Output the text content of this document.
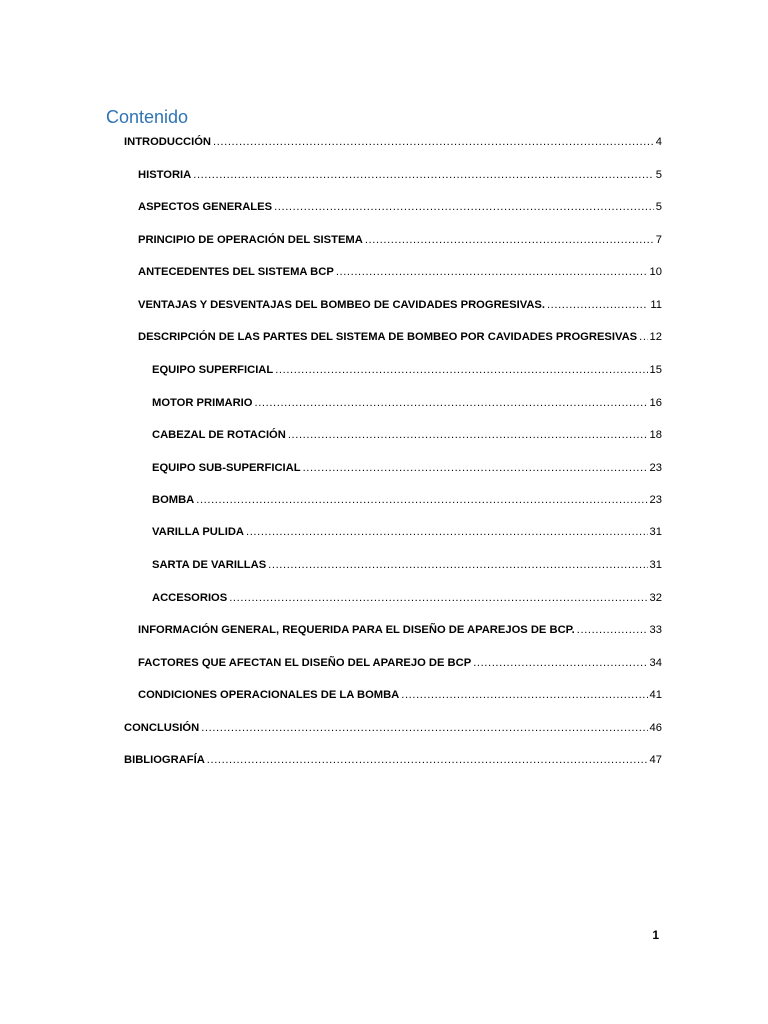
Contenido
INTRODUCCIÓN .....	4
HISTORIA .....	5
ASPECTOS GENERALES .....	5
PRINCIPIO DE OPERACIÓN DEL SISTEMA .....	7
ANTECEDENTES DEL SISTEMA BCP .....	10
VENTAJAS Y DESVENTAJAS DEL BOMBEO DE CAVIDADES PROGRESIVAS. .....	11
DESCRIPCIÓN DE LAS PARTES DEL SISTEMA DE BOMBEO POR CAVIDADES PROGRESIVAS ..... 12
EQUIPO SUPERFICIAL .....	15
MOTOR PRIMARIO .....	16
CABEZAL DE ROTACIÓN .....	18
EQUIPO SUB-SUPERFICIAL .....	23
BOMBA .....	23
VARILLA PULIDA .....	31
SARTA DE VARILLAS .....	31
ACCESORIOS .....	32
INFORMACIÓN GENERAL, REQUERIDA PARA EL DISEÑO DE APAREJOS DE BCP. .....	33
FACTORES QUE AFECTAN EL DISEÑO DEL APAREJO DE BCP .....	34
CONDICIONES OPERACIONALES DE LA BOMBA .....	41
CONCLUSIÓN .....	46
BIBLIOGRAFÍA .....	47
1
